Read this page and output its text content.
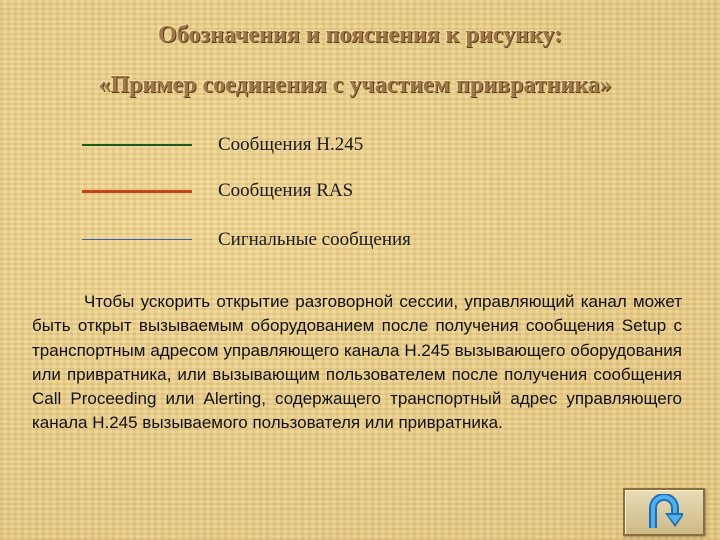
Обозначения и пояснения к рисунку:
«Пример соединения с участием привратника»
Сообщения Н.245
Сообщения RAS
Сигнальные сообщения
Чтобы ускорить открытие разговорной сессии, управляющий канал может быть открыт вызываемым оборудованием после получения сообщения Setup с транспортным адресом управляющего канала H.245 вызывающего оборудования или привратника, или вызывающим пользователем после получения сообщения Call Proceeding или Alerting, содержащего транспортный адрес управляющего канала H.245 вызываемого пользователя или привратника.
